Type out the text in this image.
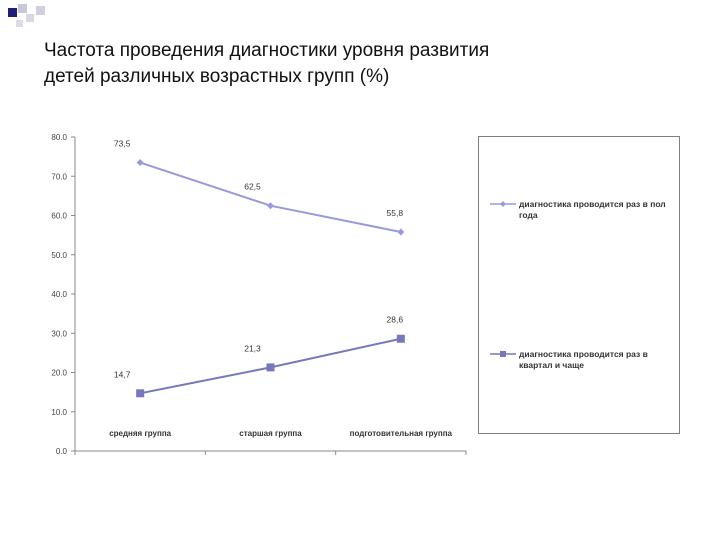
Частота проведения диагностики уровня развития
детей различных возрастных групп (%)
0.0
10.0
20.0
30.0
40.0
50.0
60.0
70.0
80.0
средняя группа	старшая группа	подготовительная группа
73,5
62,5
55,8
14,7
21,3
28,6
диагностика проводится раз в пол года
диагностика проводится раз в квартал и чаще
